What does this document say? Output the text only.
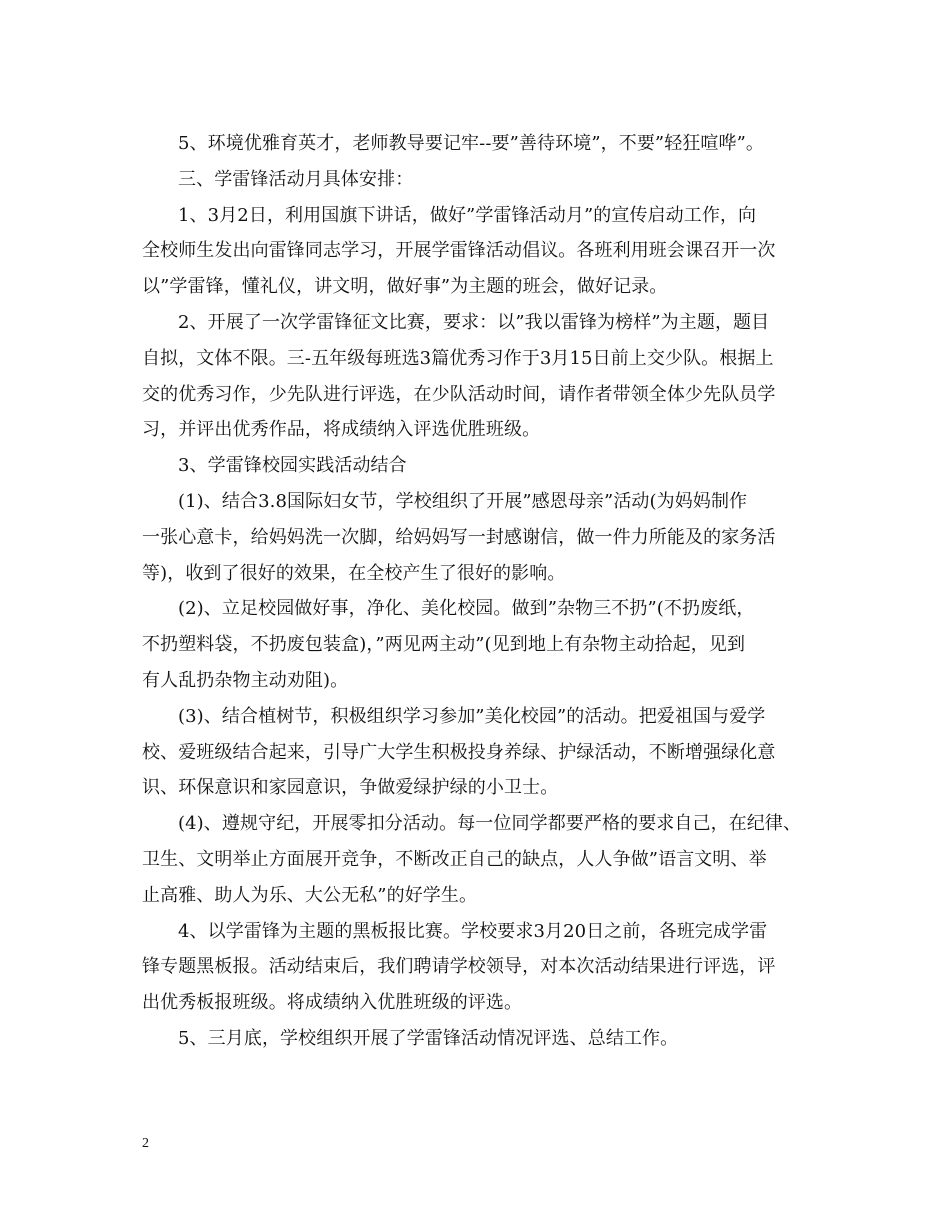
5、环境优雅育英才，老师教导要记牢--要”善待环境”，不要”轻狂喧哗”。
三、学雷锋活动月具体安排：
1、3月2日，利用国旗下讲话，做好”学雷锋活动月”的宣传启动工作，向
全校师生发出向雷锋同志学习，开展学雷锋活动倡议。各班利用班会课召开一次
以”学雷锋，懂礼仪，讲文明，做好事”为主题的班会，做好记录。
2、开展了一次学雷锋征文比赛，要求：以”我以雷锋为榜样”为主题，题目
自拟，文体不限。三-五年级每班选3篇优秀习作于3月15日前上交少队。根据上
交的优秀习作，少先队进行评选，在少队活动时间，请作者带领全体少先队员学
习，并评出优秀作品，将成绩纳入评选优胜班级。
3、学雷锋校园实践活动结合
(1)、结合3.8国际妇女节，学校组织了开展”感恩母亲”活动(为妈妈制作
一张心意卡，给妈妈洗一次脚，给妈妈写一封感谢信，做一件力所能及的家务活
等)，收到了很好的效果，在全校产生了很好的影响。
(2)、立足校园做好事，净化、美化校园。做到”杂物三不扔”(不扔废纸，
不扔塑料袋，不扔废包装盒)，”两见两主动”(见到地上有杂物主动拾起，见到
有人乱扔杂物主动劝阻)。
(3)、结合植树节，积极组织学习参加”美化校园”的活动。把爱祖国与爱学
校、爱班级结合起来，引导广大学生积极投身养绿、护绿活动，不断增强绿化意
识、环保意识和家园意识，争做爱绿护绿的小卫士。
(4)、遵规守纪，开展零扣分活动。每一位同学都要严格的要求自己，在纪律、
卫生、文明举止方面展开竞争，不断改正自己的缺点，人人争做”语言文明、举
止高雅、助人为乐、大公无私”的好学生。
4、以学雷锋为主题的黑板报比赛。学校要求3月20日之前，各班完成学雷
锋专题黑板报。活动结束后，我们聘请学校领导，对本次活动结果进行评选，评
出优秀板报班级。将成绩纳入优胜班级的评选。
5、三月底，学校组织开展了学雷锋活动情况评选、总结工作。
2
